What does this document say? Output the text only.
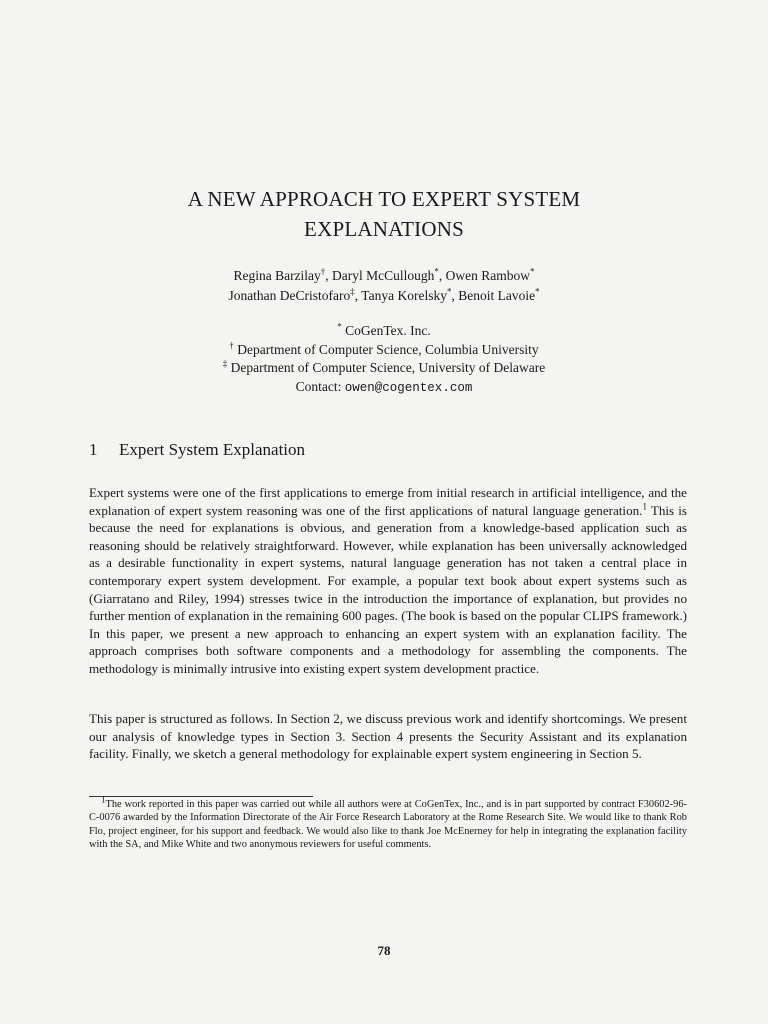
A NEW APPROACH TO EXPERT SYSTEM
EXPLANATIONS
Regina Barzilay†, Daryl McCullough*, Owen Rambow*
Jonathan DeCristofaro‡, Tanya Korelsky*, Benoit Lavoie*
* CoGenTex. Inc.
† Department of Computer Science, Columbia University
‡ Department of Computer Science, University of Delaware
Contact: owen@cogentex.com
1 Expert System Explanation

Expert systems were one of the first applications to emerge from initial research in artificial intelligence, and the explanation of expert system reasoning was one of the first applications of natural language generation.$^1$ This is because the need for explanations is obvious, and generation from a knowledge-based application such as reasoning should be relatively straightforward. However, while explanation has been universally acknowledged as a desirable functionality in expert systems, natural language generation has not taken a central place in contemporary expert system development. For example, a popular text book about expert systems such as (Giarratano and Riley, 1994) stresses twice in the introduction the importance of explanation, but provides no further mention of explanation in the remaining 600 pages. (The book is based on the popular CLIPS framework.) In this paper, we present a new approach to enhancing an expert system with an explanation facility. The approach comprises both software components and a methodology for assembling the components. The methodology is minimally intrusive into existing expert system development practice.

This paper is structured as follows. In Section 2, we discuss previous work and identify shortcomings. We present our analysis of knowledge types in Section 3. Section 4 presents the Security Assistant and its explanation facility. Finally, we sketch a general methodology for explainable expert system engineering in Section 5.

$^1$The work reported in this paper was carried out while all authors were at CoGenTex, Inc., and is in part supported by contract F30602-96-C-0076 awarded by the Information Directorate of the Air Force Research Laboratory at the Rome Research Site. We would like to thank Rob Flo, project engineer, for his support and feedback. We would also like to thank Joe McEnerney for help in integrating the explanation facility with the SA, and Mike White and two anonymous reviewers for useful comments.
78
